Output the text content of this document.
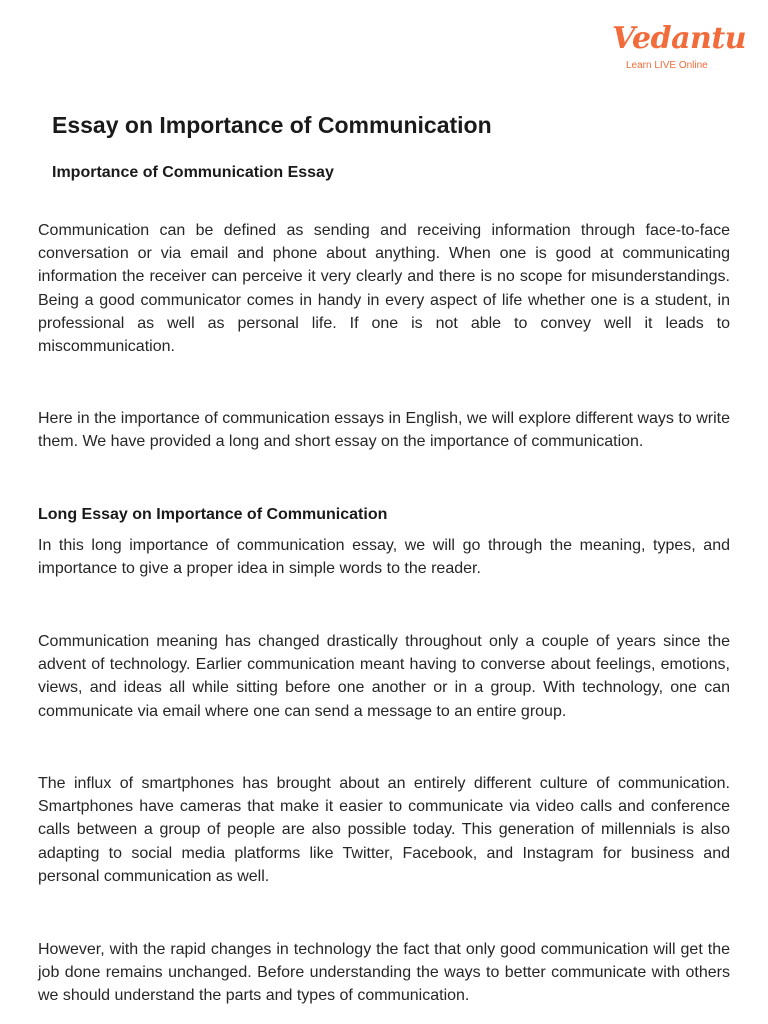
Vedantu
Learn LIVE Online
Essay on Importance of Communication
Importance of Communication Essay

Communication can be defined as sending and receiving information through face-to-face conversation or via email and phone about anything. When one is good at communicating information the receiver can perceive it very clearly and there is no scope for misunderstandings. Being a good communicator comes in handy in every aspect of life whether one is a student, in professional as well as personal life. If one is not able to convey well it leads to miscommunication.

Here in the importance of communication essays in English, we will explore different ways to write them. We have provided a long and short essay on the importance of communication.

Long Essay on Importance of Communication

In this long importance of communication essay, we will go through the meaning, types, and importance to give a proper idea in simple words to the reader.

Communication meaning has changed drastically throughout only a couple of years since the advent of technology. Earlier communication meant having to converse about feelings, emotions, views, and ideas all while sitting before one another or in a group. With technology, one can communicate via email where one can send a message to an entire group.

The influx of smartphones has brought about an entirely different culture of communication. Smartphones have cameras that make it easier to communicate via video calls and conference calls between a group of people are also possible today. This generation of millennials is also adapting to social media platforms like Twitter, Facebook, and Instagram for business and personal communication as well.

However, with the rapid changes in technology the fact that only good communication will get the job done remains unchanged. Before understanding the ways to better communicate with others we should understand the parts and types of communication.
